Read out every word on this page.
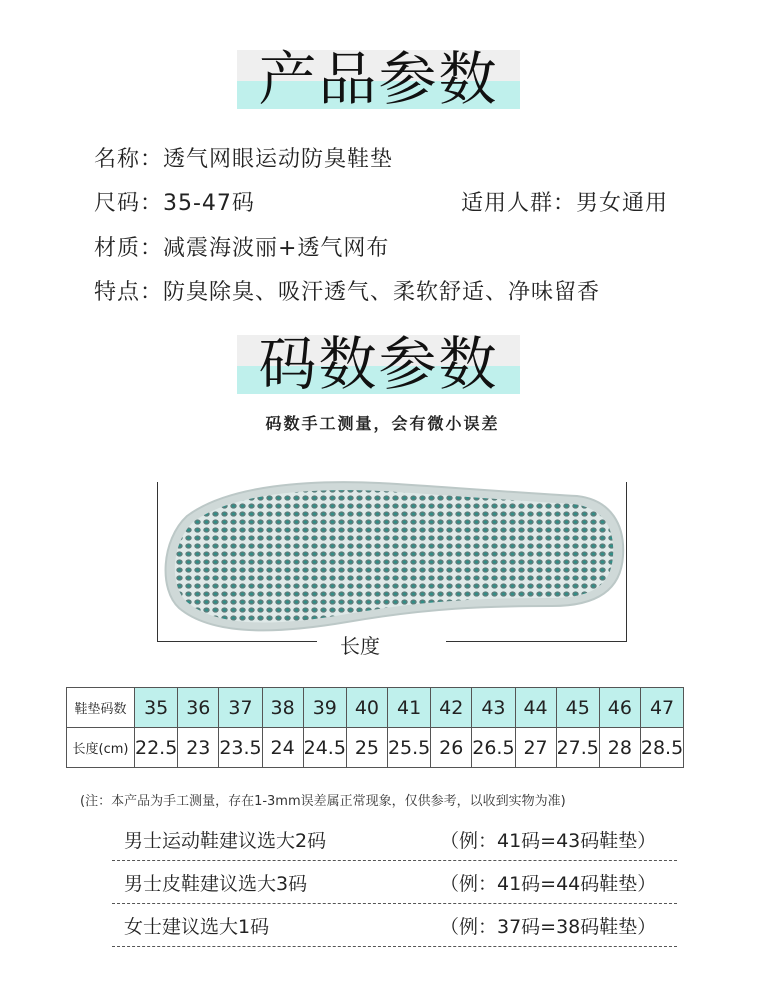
产品参数
名称：透气网眼运动防臭鞋垫
尺码：35-47码	适用人群：男女通用
材质：减震海波丽+透气网布
特点：防臭除臭、吸汗透气、柔软舒适、净味留香
码数参数
码数手工测量，会有微小误差
长度
鞋垫码数	35	36	37	38	39	40	41	42	43	44	45	46	47
长度(cm)	22.5	23	23.5	24	24.5	25	25.5	26	26.5	27	27.5	28	28.5
(注：本产品为手工测量，存在1-3mm误差属正常现象，仅供参考，以收到实物为准)
男士运动鞋建议选大2码	（例：41码=43码鞋垫）
男士皮鞋建议选大3码	（例：41码=44码鞋垫）
女士建议选大1码	（例：37码=38码鞋垫）
